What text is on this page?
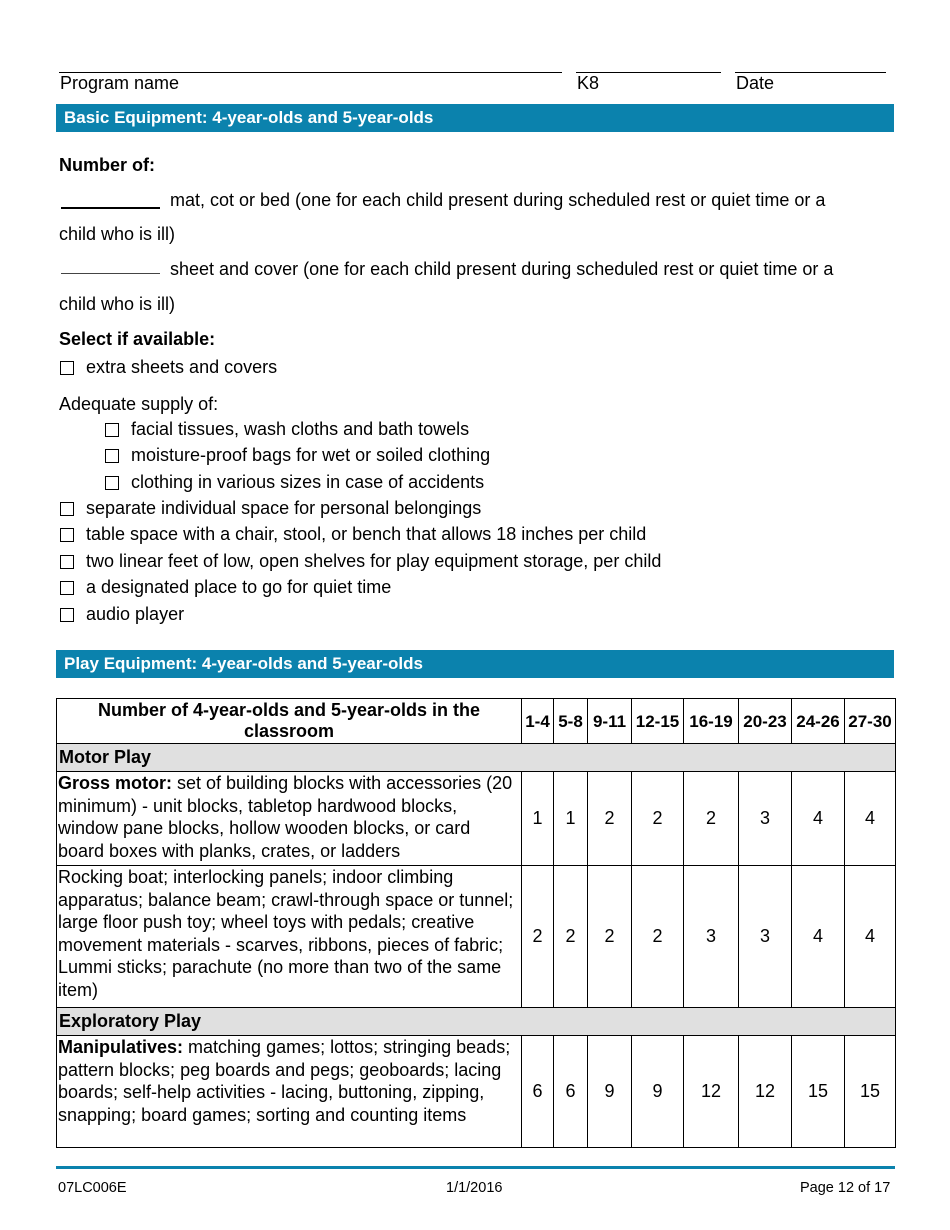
Program name	K8	Date
Basic Equipment: 4-year-olds and 5-year-olds
Number of:
mat, cot or bed (one for each child present during scheduled rest or quiet time or a
child who is ill)
sheet and cover (one for each child present during scheduled rest or quiet time or a
child who is ill)
Select if available:
extra sheets and covers
Adequate supply of:
facial tissues, wash cloths and bath towels
moisture-proof bags for wet or soiled clothing
clothing in various sizes in case of accidents
separate individual space for personal belongings
table space with a chair, stool, or bench that allows 18 inches per child
two linear feet of low, open shelves for play equipment storage, per child
a designated place to go for quiet time
audio player
Play Equipment: 4-year-olds and 5-year-olds
Number of 4-year-olds and 5-year-olds in the classroom	1-4	5-8	9-11	12-15	16-19	20-23	24-26	27-30
Motor Play								
Gross motor: set of building blocks with accessories (20 minimum) - unit blocks, tabletop hardwood blocks, window pane blocks, hollow wooden blocks, or card board boxes with planks, crates, or ladders	1	1	2	2	2	3	4	4
Rocking boat; interlocking panels; indoor climbing apparatus; balance beam; crawl-through space or tunnel; large floor push toy; wheel toys with pedals; creative movement materials - scarves, ribbons, pieces of fabric; Lummi sticks; parachute (no more than two of the same item)	2	2	2	2	3	3	4	4
Exploratory Play								
Manipulatives: matching games; lottos; stringing beads; pattern blocks; peg boards and pegs; geoboards; lacing boards; self-help activities - lacing, buttoning, zipping, snapping; board games; sorting and counting items	6	6	9	9	12	12	15	15
07LC006E	1/1/2016	Page 12 of 17
